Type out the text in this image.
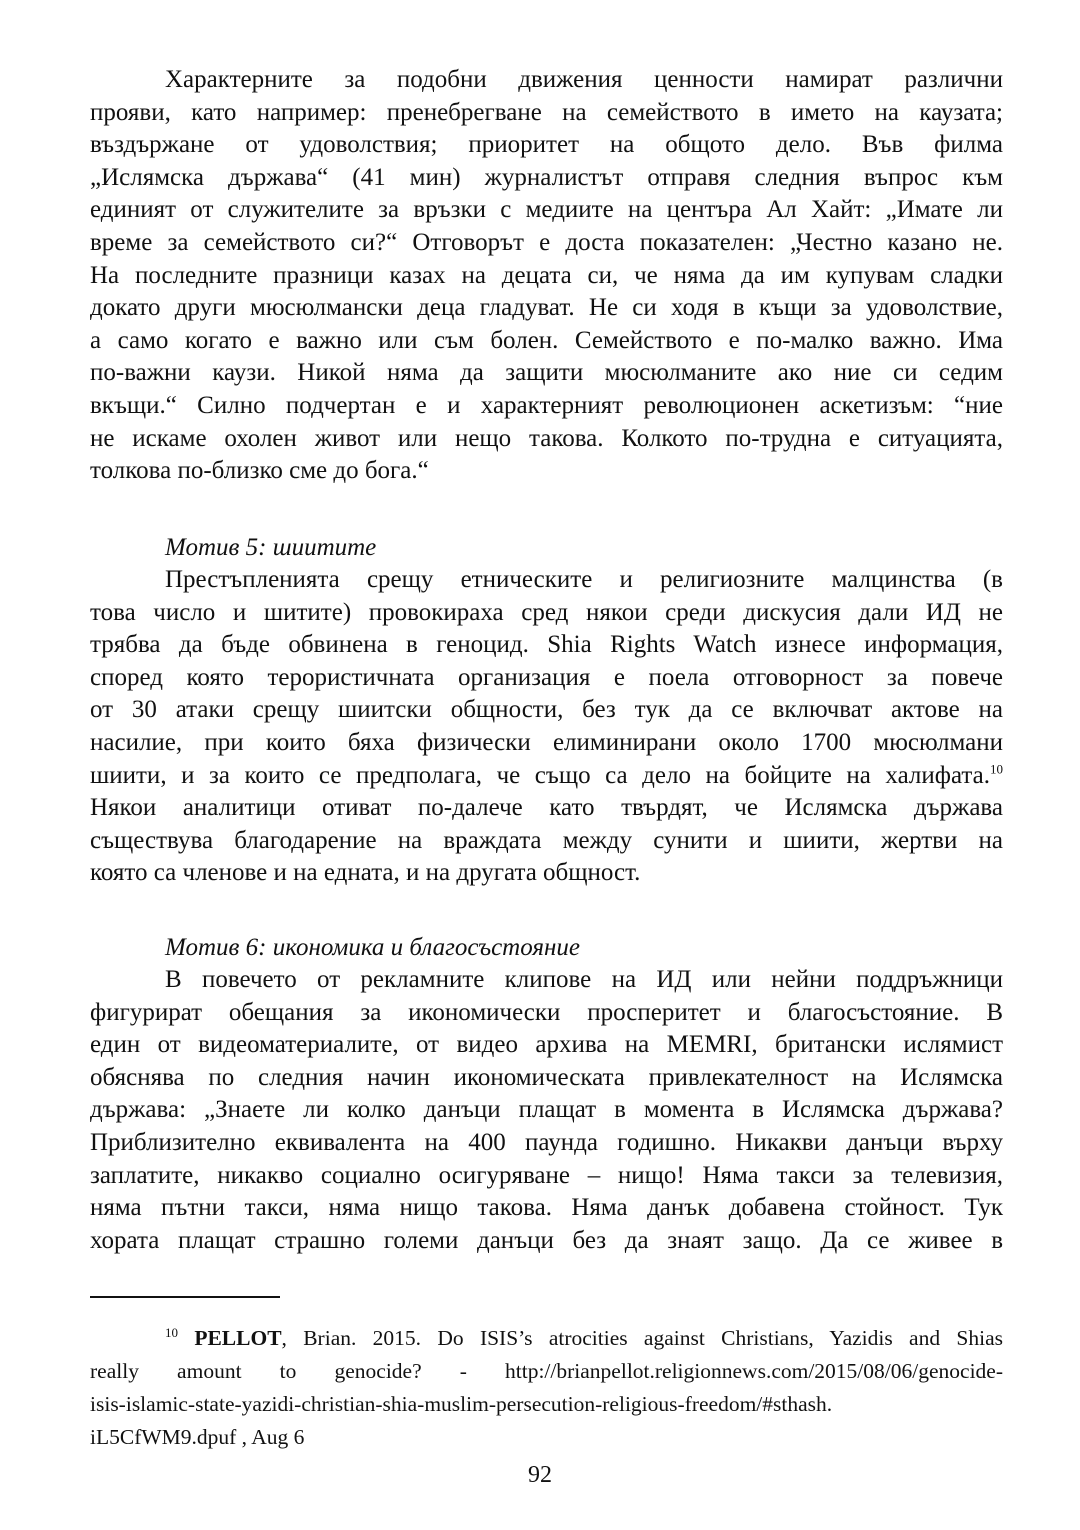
Характерните за подобни движения ценности намират различни
прояви, като например: пренебрегване на семейството в името на каузата;
въздържане от удоволствия; приоритет на общото дело. Във филма
„Ислямска държава“ (41 мин) журналистът отправя следния въпрос към
единият от служителите за връзки с медиите на центъра Ал Хайт: „Имате ли
време за семейството си?“ Отговорът е доста показателен: „Честно казано не.
На последните празници казах на децата си, че няма да им купувам сладки
докато други мюсюлмански деца гладуват. Не си ходя в къщи за удоволствие,
а само когато е важно или съм болен. Семейството е по-малко важно. Има
по-важни каузи. Никой няма да защити мюсюлманите ако ние си седим
вкъщи.“ Силно подчертан е и характерният революционен аскетизъм: “ние
не искаме охолен живот или нещо такова. Колкото по-трудна е ситуацията,
толкова по-близко сме до бога.“
Мотив 5: шиитите
Престъпленията срещу етническите и религиозните малцинства (в
това число и шитите) провокираха сред някои среди дискусия дали ИД не
трябва да бъде обвинена в геноцид. Shia Rights Watch изнесе информация,
според която терористичната организация е поела отговорност за повече
от 30 атаки срещу шиитски общности, без тук да се включват актове на
насилие, при които бяха физически елиминирани около 1700 мюсюлмани
шиити, и за които се предполага, че също са дело на бойците на халифата.$^{10}$
Някои аналитици отиват по-далече като твърдят, че Ислямска държава
съществува благодарение на враждата между сунити и шиити, жертви на
която са членове и на едната, и на другата общност.
Мотив 6: икономика и благосъстояние
В повечето от рекламните клипове на ИД или нейни поддръжници
фигурират обещания за икономически просперитет и благосъстояние. В
един от видеоматериалите, от видео архива на MEMRI, британски ислямист
обяснява по следния начин икономическата привлекателност на Ислямска
държава: „Знаете ли колко данъци плащат в момента в Ислямска държава?
Приблизително еквивалента на 400 паунда годишно. Никакви данъци върху
заплатите, никакво социално осигуряване – нищо! Няма такси за телевизия,
няма пътни такси, няма нищо такова. Няма данък добавена стойност. Тук
хората плащат страшно големи данъци без да знаят защо. Да се живее в
$^{10}$ PELLOT, Brian. 2015. Do ISIS’s atrocities against Christians, Yazidis and Shias
really amount to genocide? - http://brianpellot.religionnews.com/2015/08/06/genocide-
isis-islamic-state-yazidi-christian-shia-muslim-persecution-religious-freedom/#sthash.
iL5CfWM9.dpuf , Aug 6
92
